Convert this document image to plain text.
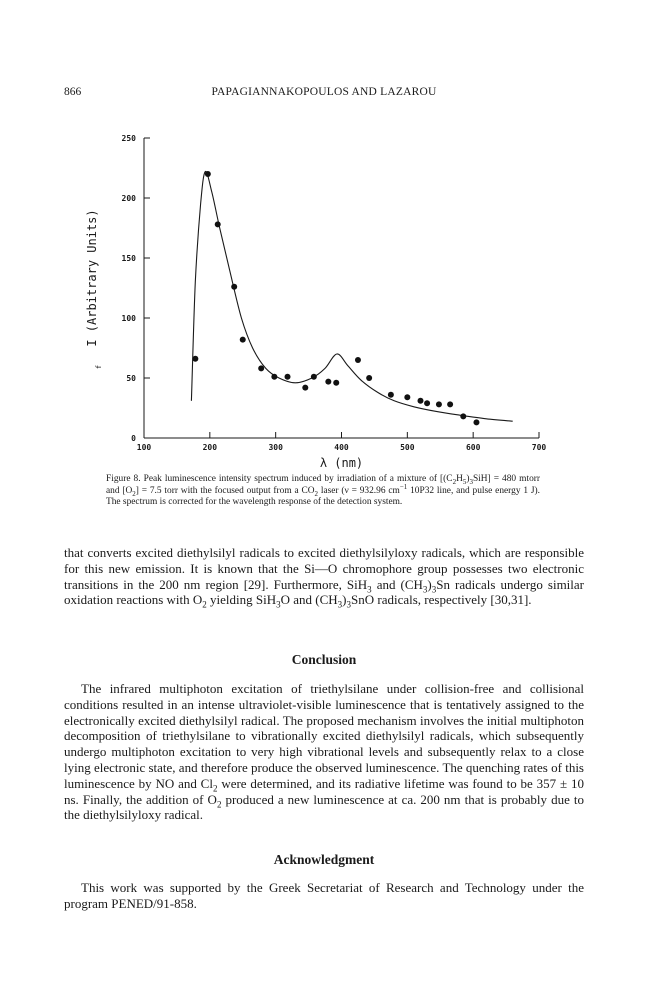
866	PAPAGIANNAKOPOULOS AND LAZAROU
100	200	300	400	500	600	700
0
50
100
150
200
250
λ (nm)
I (Arbitrary Units)
f
Figure 8. Peak luminescence intensity spectrum induced by irradiation of a mixture of $[(C_2H_5)_3SiH] = 480$ mtorr and $[O_2] = 7.5$ torr with the focused output from a $CO_2$ laser (ν = 932.96 $cm^{-1}$ 10P32 line, and pulse energy 1 J). The spectrum is corrected for the wavelength response of the detection system.

that converts excited diethylsilyl radicals to excited diethylsilyloxy radicals, which are responsible for this new emission. It is known that the Si—O chromophore group possesses two electronic transitions in the 200 nm region [29]. Furthermore, SiH$_3$ and $(CH_3)_3Sn$ radicals undergo similar oxidation reactions with $O_2$ yielding SiH$_3$O and $(CH_3)_3SnO$ radicals, respectively [30,31].

Conclusion

The infrared multiphoton excitation of triethylsilane under collision-free and collisional conditions resulted in an intense ultraviolet-visible luminescence that is tentatively assigned to the electronically excited diethylsilyl radical. The proposed mechanism involves the initial multiphoton decomposition of triethylsilane to vibrationally excited diethylsilyl radicals, which subsequently undergo multiphoton excitation to very high vibrational levels and subsequently relax to a close lying electronic state, and therefore produce the observed luminescence. The quenching rates of this luminescence by NO and $Cl_2$ were determined, and its radiative lifetime was found to be 357 ± 10 ns. Finally, the addition of $O_2$ produced a new luminescence at ca. 200 nm that is probably due to the diethylsilyloxy radical.

Acknowledgment

This work was supported by the Greek Secretariat of Research and Technology under the program PENED/91-858.
